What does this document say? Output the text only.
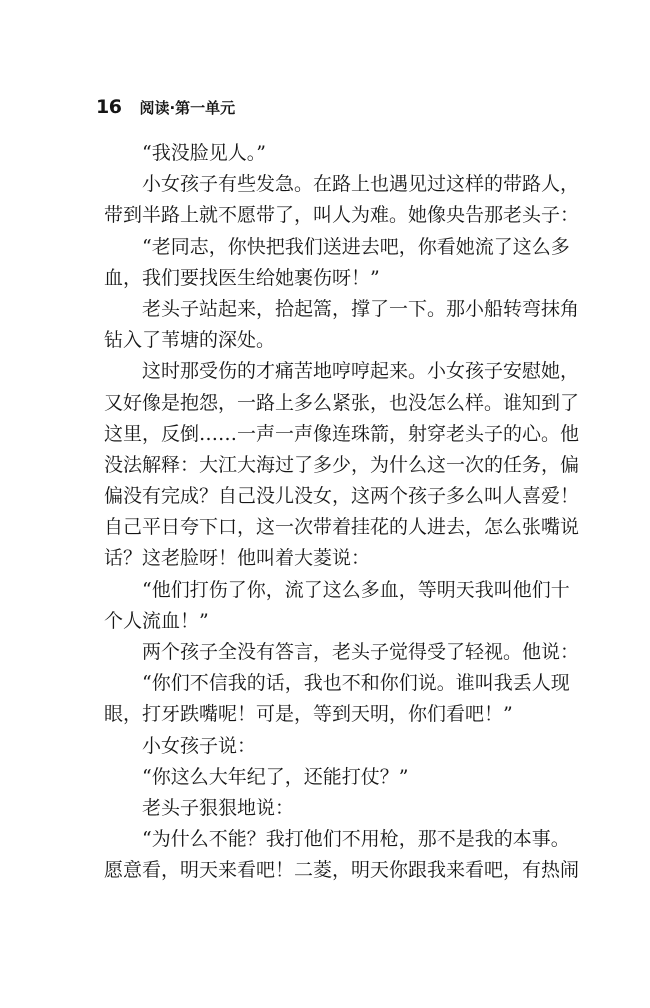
16 阅读·第一单元
“我没脸见人。”
小女孩子有些发急。在路上也遇见过这样的带路人，
带到半路上就不愿带了，叫人为难。她像央告那老头子：
“老同志，你快把我们送进去吧，你看她流了这么多
血，我们要找医生给她裹伤呀！”
老头子站起来，拾起篙，撑了一下。那小船转弯抹角
钻入了苇塘的深处。
这时那受伤的才痛苦地哼哼起来。小女孩子安慰她，
又好像是抱怨，一路上多么紧张，也没怎么样。谁知到了
这里，反倒……一声一声像连珠箭，射穿老头子的心。他
没法解释：大江大海过了多少，为什么这一次的任务，偏
偏没有完成？自己没儿没女，这两个孩子多么叫人喜爱！
自己平日夸下口，这一次带着挂花的人进去，怎么张嘴说
话？这老脸呀！他叫着大菱说：
“他们打伤了你，流了这么多血，等明天我叫他们十
个人流血！”
两个孩子全没有答言，老头子觉得受了轻视。他说：
“你们不信我的话，我也不和你们说。谁叫我丢人现
眼，打牙跌嘴呢！可是，等到天明，你们看吧！”
小女孩子说：
“你这么大年纪了，还能打仗？”
老头子狠狠地说：
“为什么不能？我打他们不用枪，那不是我的本事。
愿意看，明天来看吧！二菱，明天你跟我来看吧，有热闹
